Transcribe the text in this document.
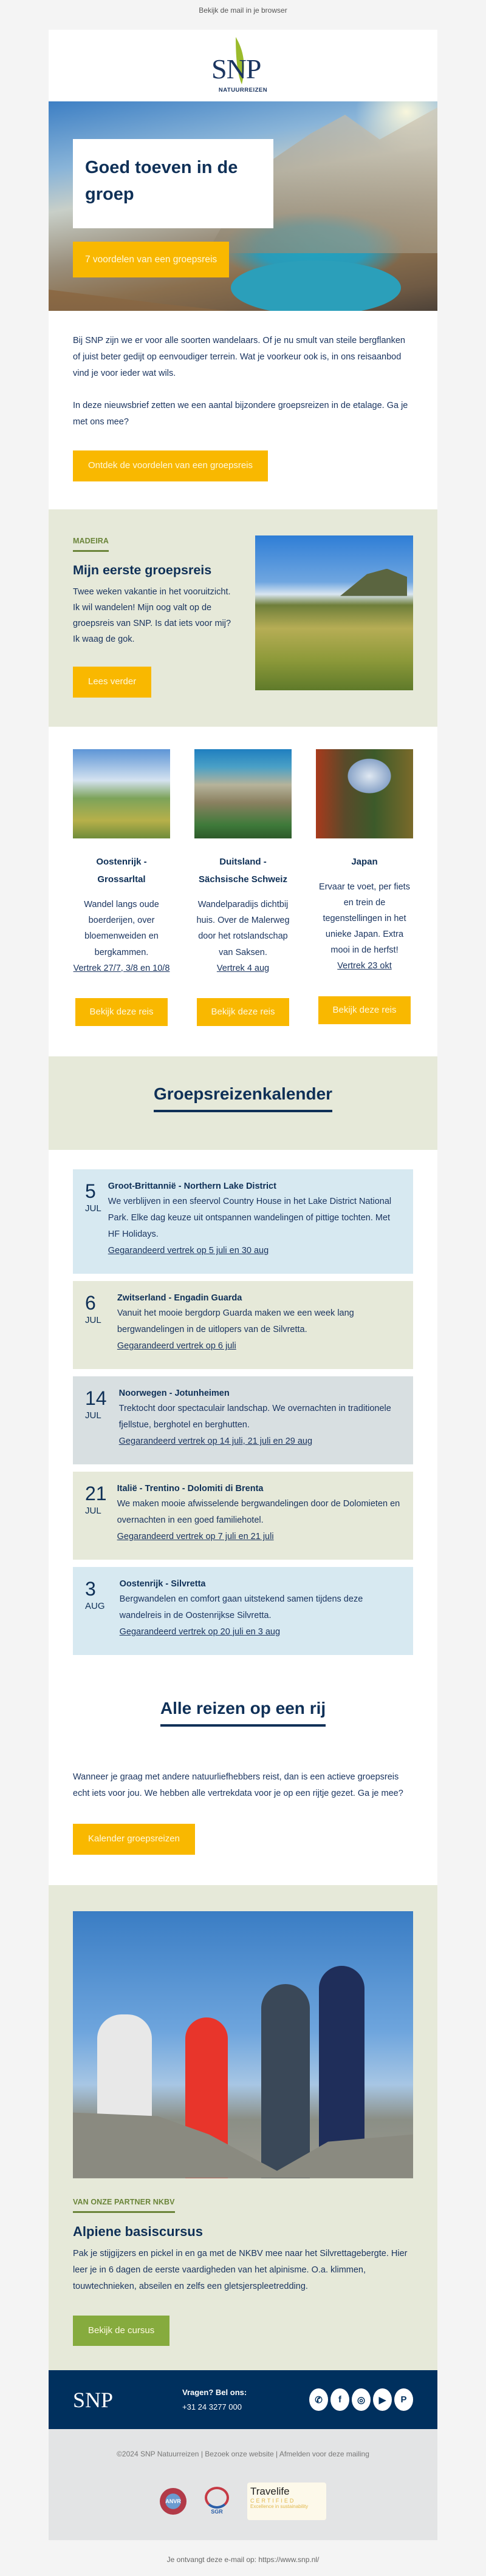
Bekijk de mail in je browser
SNP
NATUURREIZEN
Goed toeven in de groep
7 voordelen van een groepsreis

Bij SNP zijn we er voor alle soorten wandelaars. Of je nu smult van steile bergflanken of juist beter gedijt op eenvoudiger terrein. Wat je voorkeur ook is, in ons reisaanbod vind je voor ieder wat wils.

In deze nieuwsbrief zetten we een aantal bijzondere groepsreizen in de etalage. Ga je met ons mee?

Ontdek de voordelen van een groepsreis
MADEIRA
Mijn eerste groepsreis

Twee weken vakantie in het vooruitzicht. Ik wil wandelen! Mijn oog valt op de groepsreis van SNP. Is dat iets voor mij? Ik waag de gok.

Lees verder
Oostenrijk - Grossarltal

Wandel langs oude boerderijen, over bloemenweiden en bergkammen.

Vertrek 27/7, 3/8 en 10/8
Bekijk deze reis
Duitsland - Sächsische Schweiz

Wandelparadijs dichtbij huis. Over de Malerweg door het rotslandschap van Saksen.

Vertrek 4 aug
Bekijk deze reis
Japan

Ervaar te voet, per fiets en trein de tegenstellingen in het unieke Japan. Extra mooi in de herfst!

Vertrek 23 okt
Bekijk deze reis
Groepsreizenkalender
5
JUL
Groot-Brittannië - Northern Lake District

We verblijven in een sfeervol Country House in het Lake District National Park. Elke dag keuze uit ontspannen wandelingen of pittige tochten. Met HF Holidays.

Gegarandeerd vertrek op 5 juli en 30 aug
6
JUL
Zwitserland - Engadin Guarda

Vanuit het mooie bergdorp Guarda maken we een week lang bergwandelingen in de uitlopers van de Silvretta.

Gegarandeerd vertrek op 6 juli
14
JUL
Noorwegen - Jotunheimen

Trektocht door spectaculair landschap. We overnachten in traditionele fjellstue, berghotel en berghutten.

Gegarandeerd vertrek op 14 juli, 21 juli en 29 aug
21
JUL
Italië - Trentino - Dolomiti di Brenta

We maken mooie afwisselende bergwandelingen door de Dolomieten en overnachten in een goed familiehotel.

Gegarandeerd vertrek op 7 juli en 21 juli
3
AUG
Oostenrijk - Silvretta

Bergwandelen en comfort gaan uitstekend samen tijdens deze wandelreis in de Oostenrijkse Silvretta.

Gegarandeerd vertrek op 20 juli en 3 aug
Alle reizen op een rij

Wanneer je graag met andere natuurliefhebbers reist, dan is een actieve groepsreis echt iets voor jou. We hebben alle vertrekdata voor je op een rijtje gezet. Ga je mee?

Kalender groepsreizen
VAN ONZE PARTNER NKBV
Alpiene basiscursus

Pak je stijgijzers en pickel in en ga met de NKBV mee naar het Silvrettagebergte. Hier leer je in 6 dagen de eerste vaardigheden van het alpinisme. O.a. klimmen, touwtechnieken, abseilen en zelfs een gletsjerspleetredding.

Bekijk de cursus
SNP	Vragen? Bel ons:
+31 24 3277 000
✆	f	◎	▶	P
©2024 SNP Natuurreizen | Bezoek onze website | Afmelden voor deze mailing
ANVR
SGR
Travelife
CERTIFIED
Excellence in sustainability
Je ontvangt deze e-mail op: https://www.snp.nl/
